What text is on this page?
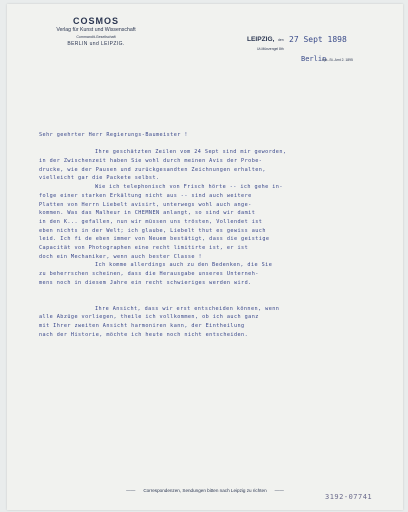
COSMOS
Verlag für Kunst und Wissenschaft
Commandit-Gesellschaft
BERLIN und LEIPZIG.
LEIPZIG, den 27 Sept 1898
Ut-Münzengel 8th
Berlin
Hpt.-St.-Amt 2. 1895
Sehr geehrter Herr Regierungs-Baumeister !
Ihre geschätzten Zeilen vom 24 Sept sind mir geworden,
in der Zwischenzeit haben Sie wohl durch meinen Avis der Probe-
drucke, wie der Pausen und zurückgesandten Zeichnungen erhalten,
vielleicht gar die Packete selbst.
Wie ich telephonisch von Frisch hörte -- ich gehe in-
folge einer starken Erkältung nicht aus -- sind auch weitere
Platten von Herrn Liebelt avisirt, unterwegs wohl auch ange-
kommen. Was das Malheur in CHEMNEN anlangt, so sind wir damit
in den K... gefallen, nun wir müssen uns trösten, Vollendet ist
eben nichts in der Welt; ich glaube, Liebelt thut es gewiss auch
leid. Ich fi de eben immer von Neuem bestätigt, dass die geistige
Capacität von Photographen eine recht limitirte ist, er ist
doch ein Mechaniker, wenn auch bester Classe !
Ich komme allerdings auch zu den Bedenken, die Sie
zu beherrschen scheinen, dass die Herausgabe unseres Unterneh-
mens noch in diesem Jahre ein recht schwieriges werden wird.
Ihre Ansicht, dass wir erst entscheiden können, wenn
alle Abzüge vorliegen, theile ich vollkommen, ob ich auch ganz
mit Ihrer zweiten Ansicht harmoniren kann, der Eintheilung
nach der Historie, möchte ich heute noch nicht entscheiden.
—— Correspondenzen, Sendungen bitten nach Leipzig zu richten ——
3192-07741
